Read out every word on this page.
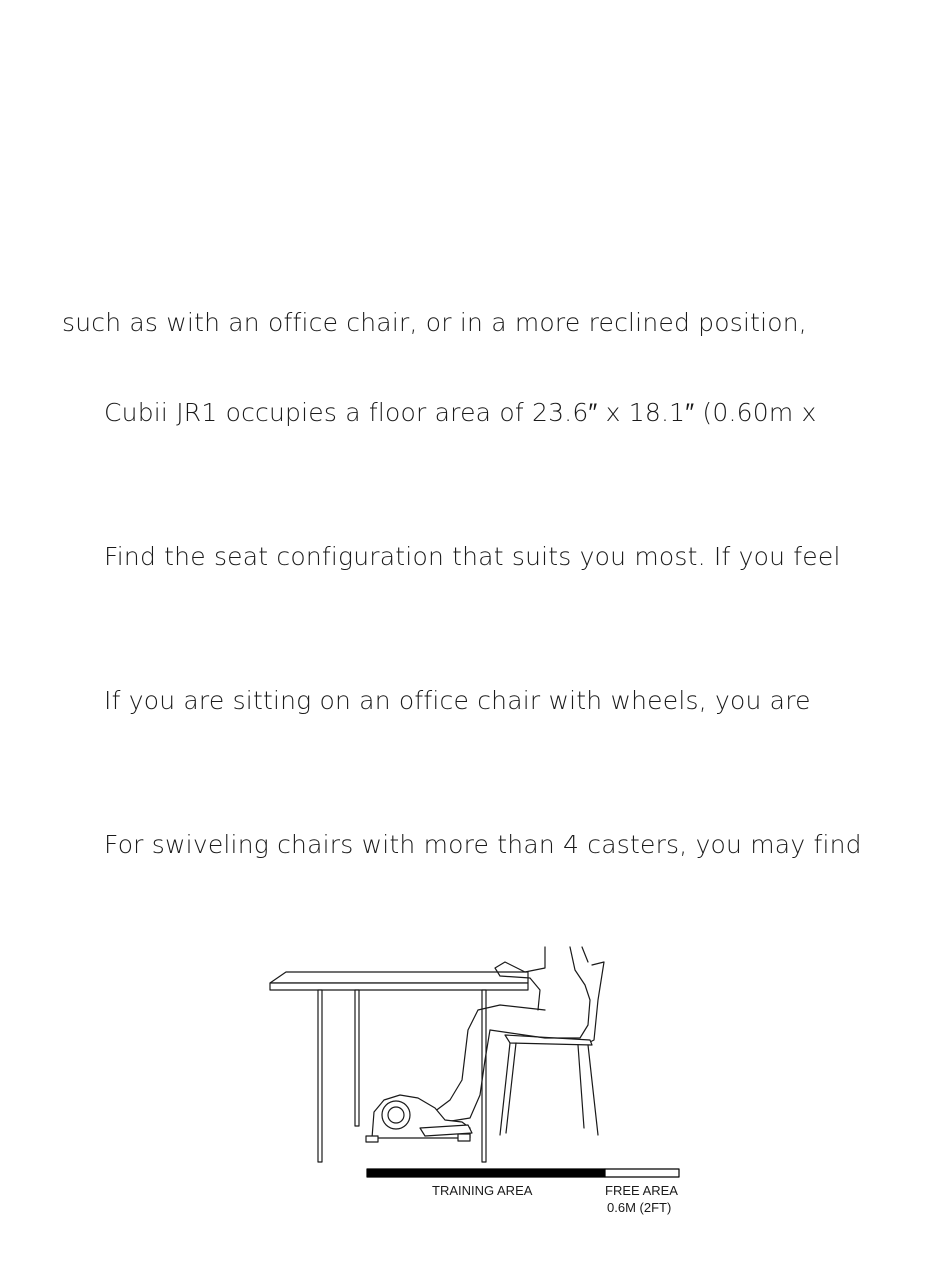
such as with an office chair, or in a more reclined position,
Cubii JR1 occupies a floor area of 23.6″ x 18.1″ (0.60m x
Find the seat configuration that suits you most. If you feel
If you are sitting on an office chair with wheels, you are
For swiveling chairs with more than 4 casters, you may find
TRAINING AREA	FREE AREA
0.6M (2FT)
